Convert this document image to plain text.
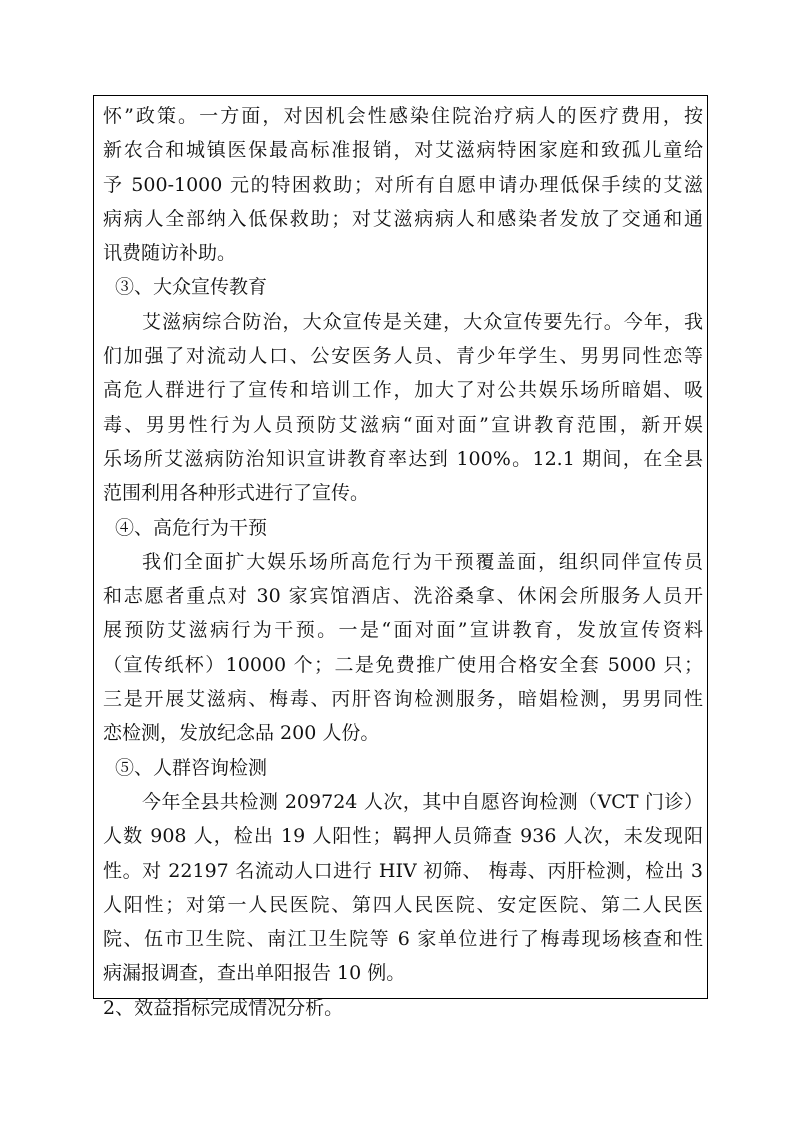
怀”政策。一方面，对因机会性感染住院治疗病人的医疗费用，按
新农合和城镇医保最高标准报销，对艾滋病特困家庭和致孤儿童给
予 500-1000 元的特困救助；对所有自愿申请办理低保手续的艾滋
病病人全部纳入低保救助；对艾滋病病人和感染者发放了交通和通
讯费随访补助。
③、大众宣传教育
艾滋病综合防治，大众宣传是关建，大众宣传要先行。今年，我
们加强了对流动人口、公安医务人员、青少年学生、男男同性恋等
高危人群进行了宣传和培训工作，加大了对公共娱乐场所暗娼、吸
毒、男男性行为人员预防艾滋病“面对面”宣讲教育范围，新开娱
乐场所艾滋病防治知识宣讲教育率达到 100%。12.1 期间，在全县
范围利用各种形式进行了宣传。
④、高危行为干预
我们全面扩大娱乐场所高危行为干预覆盖面，组织同伴宣传员
和志愿者重点对 30 家宾馆酒店、洗浴桑拿、休闲会所服务人员开
展预防艾滋病行为干预。一是“面对面”宣讲教育，发放宣传资料
（宣传纸杯）10000 个；二是免费推广使用合格安全套 5000 只；
三是开展艾滋病、梅毒、丙肝咨询检测服务，暗娼检测，男男同性
恋检测，发放纪念品 200 人份。
⑤、人群咨询检测
今年全县共检测 209724 人次，其中自愿咨询检测（VCT 门诊）
人数 908 人，检出 19 人阳性；羁押人员筛查 936 人次，未发现阳
性。对 22197 名流动人口进行 HIV 初筛、 梅毒、丙肝检测，检出 3
人阳性；对第一人民医院、第四人民医院、安定医院、第二人民医
院、伍市卫生院、南江卫生院等 6 家单位进行了梅毒现场核查和性
病漏报调查，查出单阳报告 10 例。
2、效益指标完成情况分析。
